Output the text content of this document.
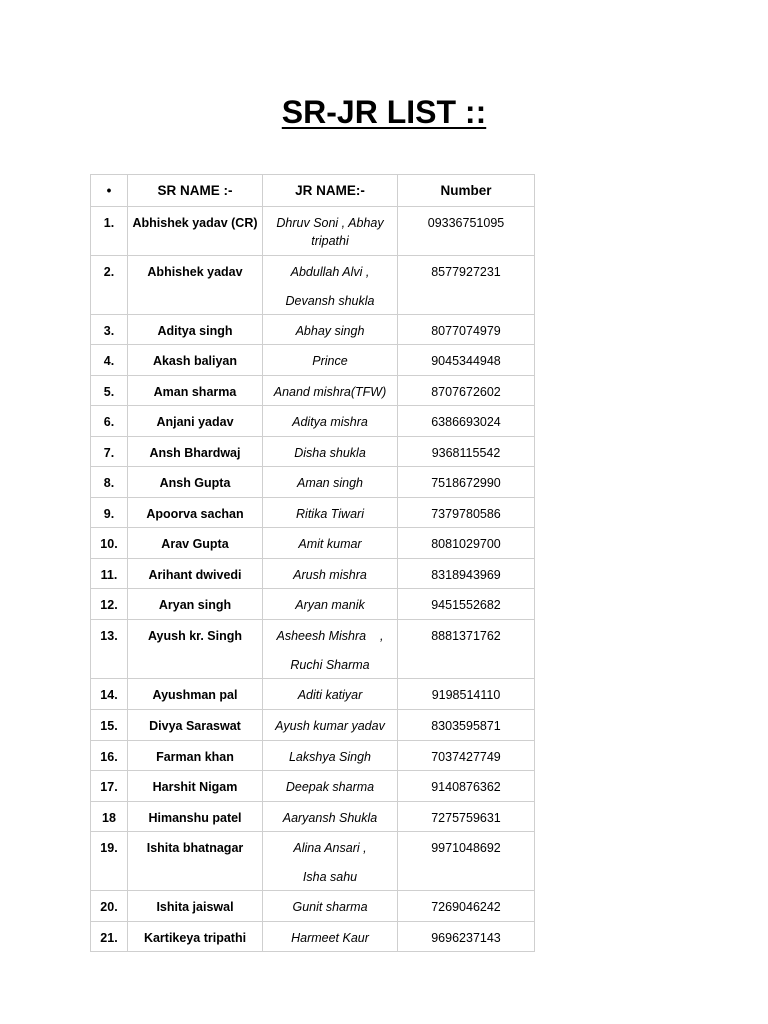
SR-JR LIST ::
•	SR NAME :-	JR NAME:-	Number

1.	Abhishek yadav (CR)	Dhruv Soni , Abhay tripathi	09336751095

2.	Abhishek yadav	Abdullah Alvi ,
Devansh shukla	8577927231

3.	Aditya singh	Abhay singh	8077074979

4.	Akash baliyan	Prince	9045344948

5.	Aman sharma	Anand mishra(TFW)	8707672602

6.	Anjani yadav	Aditya mishra	6386693024

7.	Ansh Bhardwaj	Disha shukla	9368115542

8.	Ansh Gupta	Aman singh	7518672990

9.	Apoorva sachan	Ritika Tiwari	7379780586

10.	Arav Gupta	Amit kumar	8081029700

11.	Arihant dwivedi	Arush mishra	8318943969

12.	Aryan singh	Aryan manik	9451552682

13.	Ayush kr. Singh	Asheesh Mishra    ,
Ruchi Sharma	8881371762

14.	Ayushman pal	Aditi katiyar	9198514110

15.	Divya Saraswat	Ayush kumar yadav	8303595871

16.	Farman khan	Lakshya Singh	7037427749

17.	Harshit Nigam	Deepak sharma	9140876362

18	Himanshu patel	Aaryansh Shukla	7275759631

19.	Ishita bhatnagar	Alina Ansari ,
Isha sahu	9971048692

20.	Ishita jaiswal	Gunit sharma	7269046242

21.	Kartikeya tripathi	Harmeet Kaur	9696237143
